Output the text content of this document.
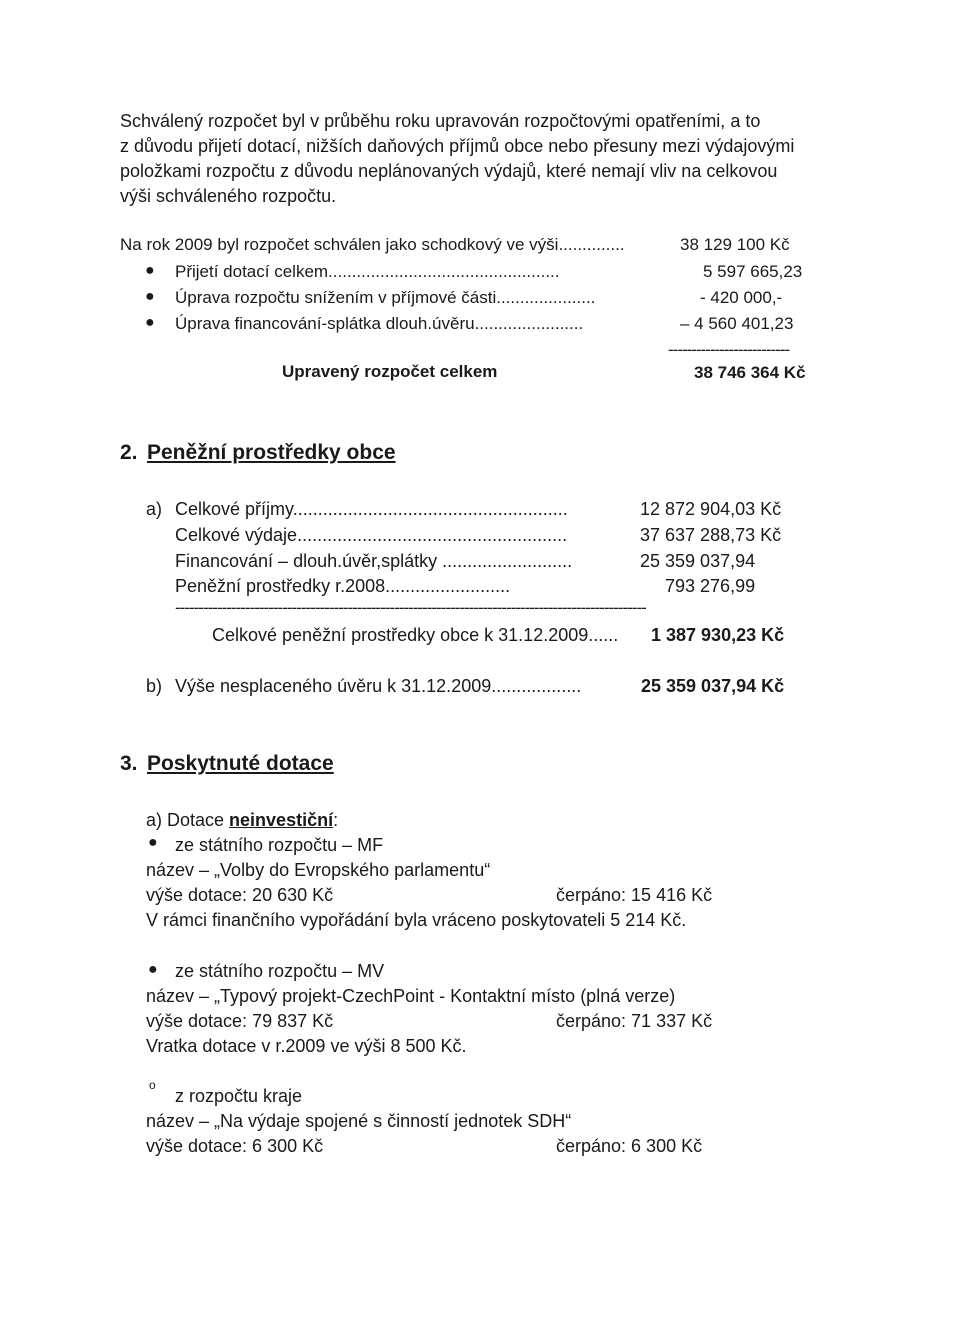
Schválený rozpočet byl v průběhu roku upravován rozpočtovými opatřeními, a to
z důvodu přijetí dotací, nižších daňových příjmů obce nebo přesuny mezi výdajovými
položkami rozpočtu z důvodu neplánovaných výdajů, které nemají vliv na celkovou
výši schváleného rozpočtu.
Na rok 2009 byl rozpočet schválen jako schodkový ve výši..............	38 129 100 Kč
● Přijetí dotací celkem.................................................	5 597 665,23
● Úprava rozpočtu snížením v příjmové části.....................	- 420 000,-
● Úprava financování-splátka dlouh.úvěru.......................	– 4 560 401,23
--------------------------
Upravený rozpočet celkem	38 746 364 Kč
2. Peněžní prostředky obce
a) Celkové příjmy.......................................................	12 872 904,03 Kč
Celkové výdaje......................................................	37 637 288,73 Kč
Financování – dlouh.úvěr,splátky ..........................	25 359 037,94
Peněžní prostředky r.2008.........................	793 276,99
-----------------------------------------------------------------------------------------------------
Celkové peněžní prostředky obce k 31.12.2009...... 1 387 930,23 Kč
b) Výše nesplaceného úvěru k 31.12.2009..................	25 359 037,94 Kč
3. Poskytnuté dotace
a) Dotace neinvestiční:
● ze státního rozpočtu – MF
název – „Volby do Evropského parlamentu“
výše dotace: 20 630 Kč	čerpáno: 15 416 Kč
V rámci finančního vypořádání byla vráceno poskytovateli 5 214 Kč.
● ze státního rozpočtu – MV
název – „Typový projekt-CzechPoint - Kontaktní místo (plná verze)
výše dotace: 79 837 Kč	čerpáno: 71 337 Kč
Vratka dotace v r.2009 ve výši 8 500 Kč.
o
z rozpočtu kraje
název – „Na výdaje spojené s činností jednotek SDH“
výše dotace: 6 300 Kč	čerpáno: 6 300 Kč
